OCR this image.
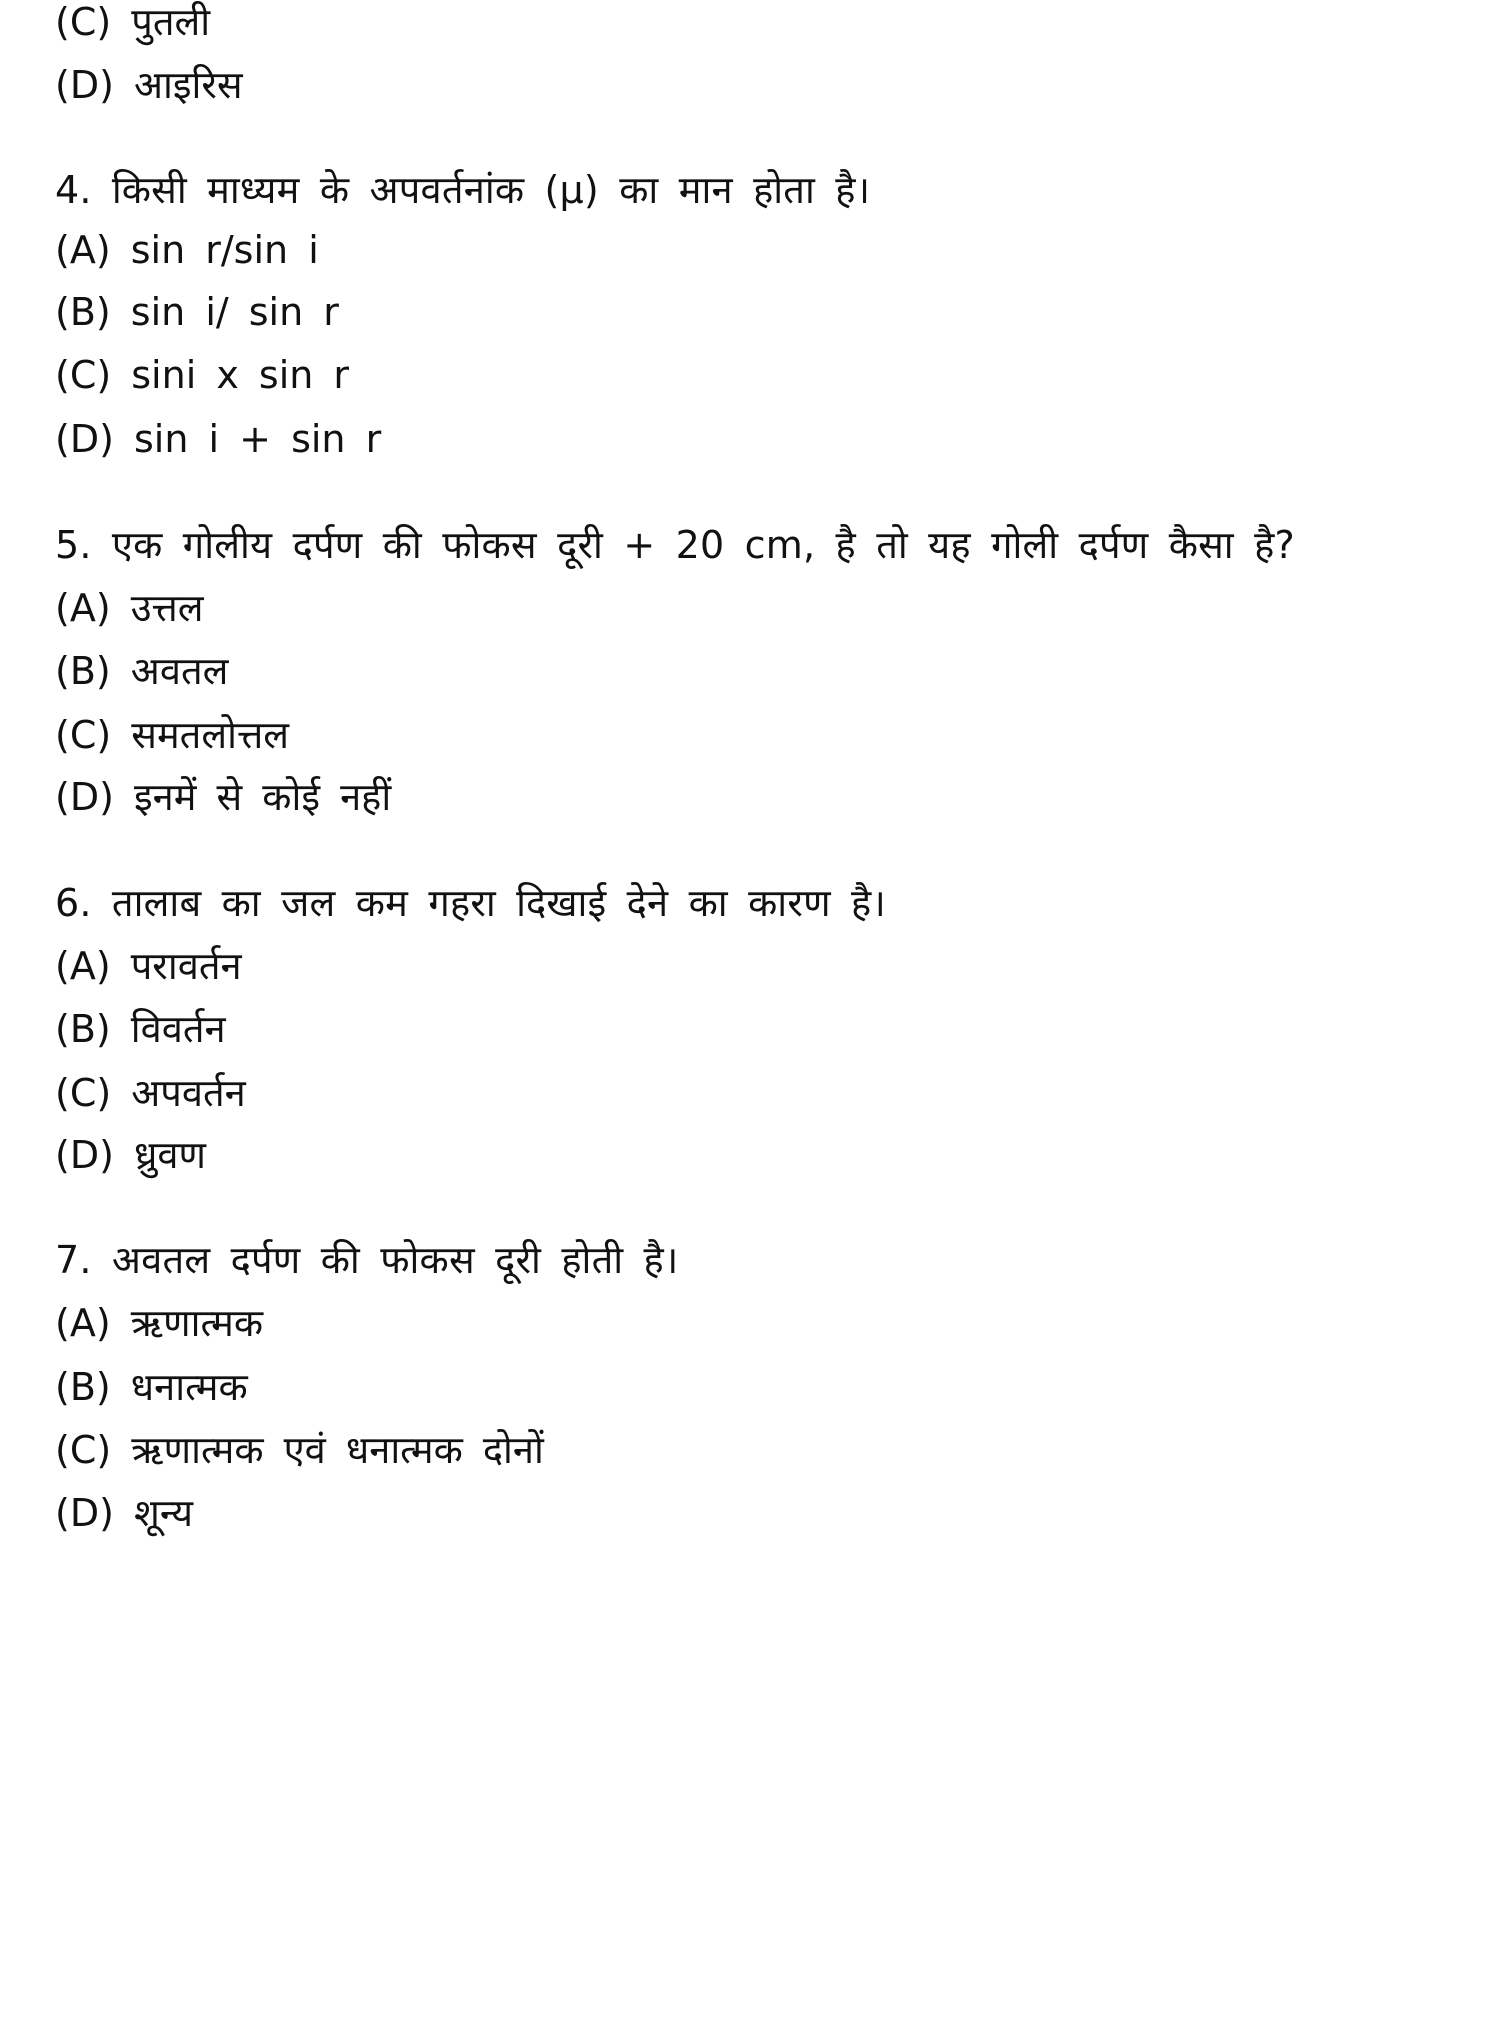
(C) पुतली
(D) आइरिस
4. किसी माध्यम के अपवर्तनांक (μ) का मान होता है।
(A) sin r/sin i
(B) sin i/ sin r
(C) sini x sin r
(D) sin i + sin r
5. एक गोलीय दर्पण की फोकस दूरी + 20 cm, है तो यह गोली दर्पण कैसा है?
(A) उत्तल
(B) अवतल
(C) समतलोत्तल
(D) इनमें से कोई नहीं
6. तालाब का जल कम गहरा दिखाई देने का कारण है।
(A) परावर्तन
(B) विवर्तन
(C) अपवर्तन
(D) ध्रुवण
7. अवतल दर्पण की फोकस दूरी होती है।
(A) ऋणात्मक
(B) धनात्मक
(C) ऋणात्मक एवं धनात्मक दोनों
(D) शून्य
